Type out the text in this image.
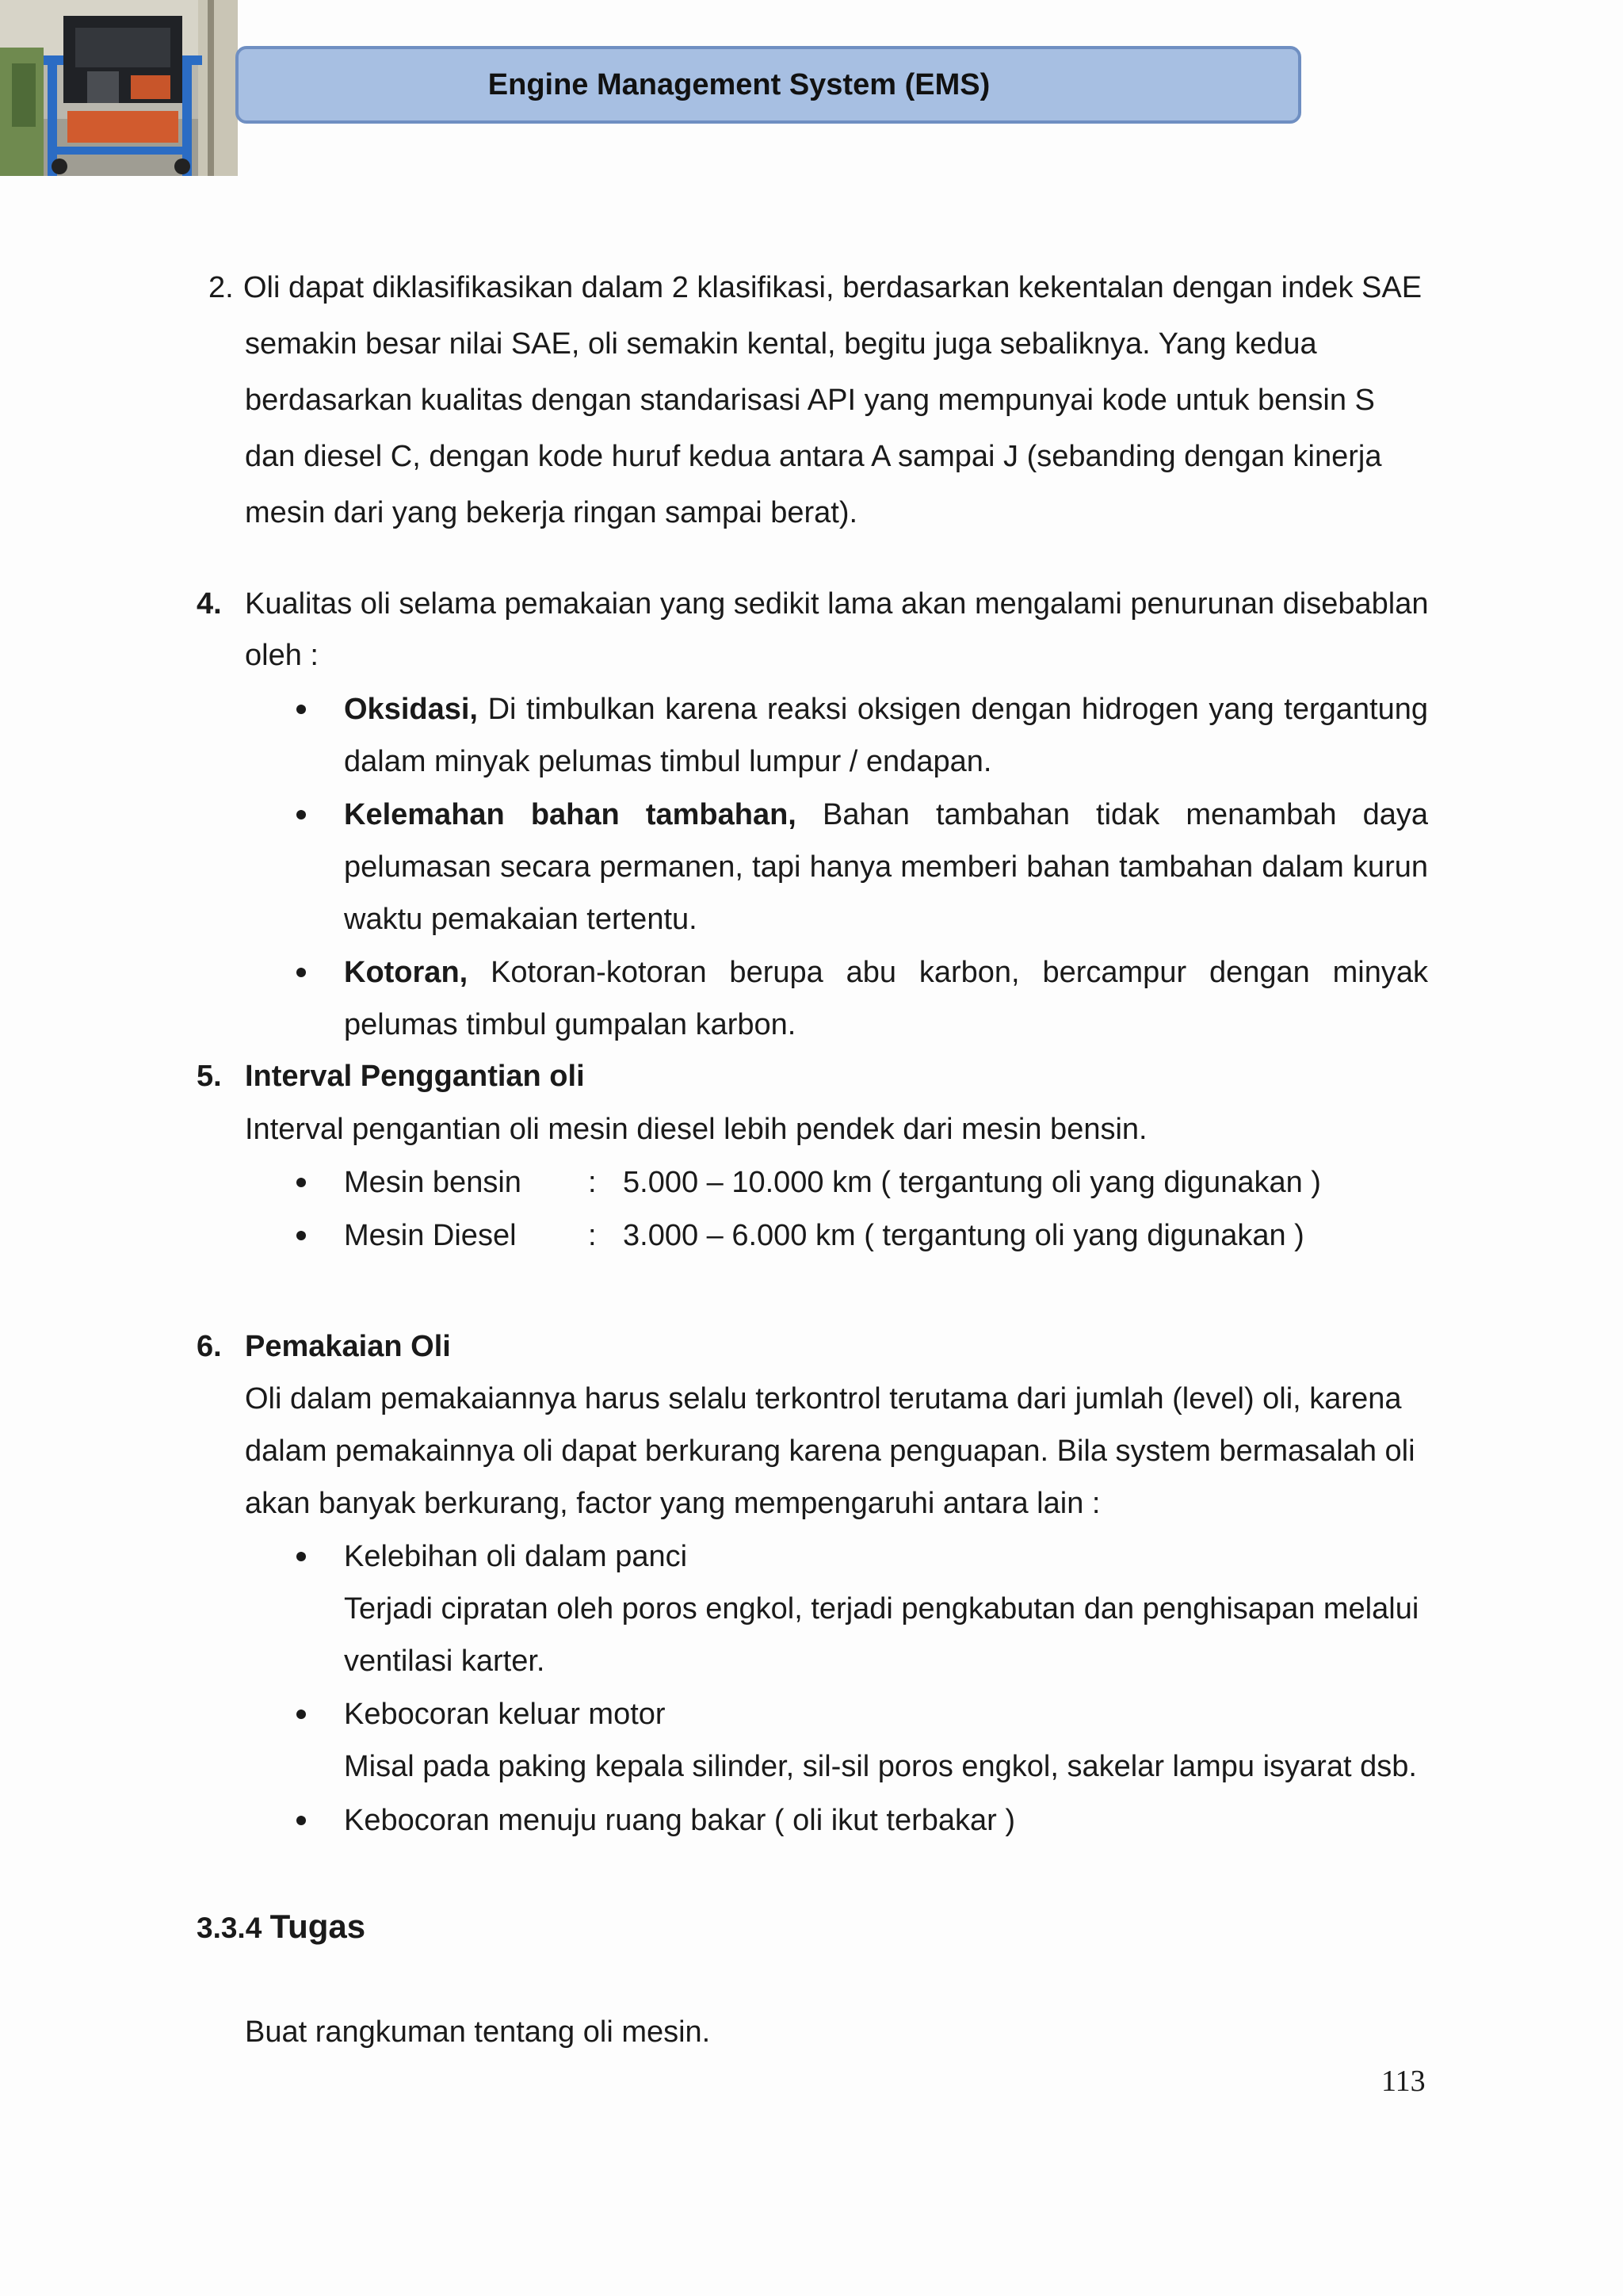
Engine Management System (EMS)
2. Oli dapat diklasifikasikan dalam 2 klasifikasi, berdasarkan kekentalan dengan indek SAE
semakin besar nilai SAE, oli semakin kental, begitu juga sebaliknya. Yang kedua
berdasarkan kualitas dengan standarisasi API yang mempunyai kode untuk bensin S
dan diesel C, dengan kode huruf kedua antara A sampai J (sebanding dengan kinerja
mesin dari yang bekerja ringan sampai berat).
4. Kualitas oli selama pemakaian yang sedikit lama akan mengalami penurunan disebablan
oleh :
Oksidasi, Di timbulkan karena reaksi oksigen dengan hidrogen yang tergantung
dalam minyak pelumas timbul lumpur / endapan.
Kelemahan bahan tambahan, Bahan tambahan tidak menambah daya
pelumasan secara permanen, tapi hanya memberi bahan tambahan dalam kurun
waktu pemakaian tertentu.
Kotoran, Kotoran-kotoran berupa abu karbon, bercampur dengan minyak
pelumas timbul gumpalan karbon.
5. Interval Penggantian oli
Interval pengantian oli mesin diesel lebih pendek dari mesin bensin.
Mesin bensin : 5.000 – 10.000 km ( tergantung oli yang digunakan )
Mesin Diesel : 3.000 – 6.000 km ( tergantung oli yang digunakan )
6. Pemakaian Oli
Oli dalam pemakaiannya harus selalu terkontrol terutama dari jumlah (level) oli, karena
dalam pemakainnya oli dapat berkurang karena penguapan. Bila system bermasalah oli
akan banyak berkurang, factor yang mempengaruhi antara lain :
Kelebihan oli dalam panci
Terjadi cipratan oleh poros engkol, terjadi pengkabutan dan penghisapan melalui
ventilasi karter.
Kebocoran keluar motor
Misal pada paking kepala silinder, sil-sil poros engkol, sakelar lampu isyarat dsb.
Kebocoran menuju ruang bakar ( oli ikut terbakar )
3.3.4 Tugas
Buat rangkuman tentang oli mesin.
113
